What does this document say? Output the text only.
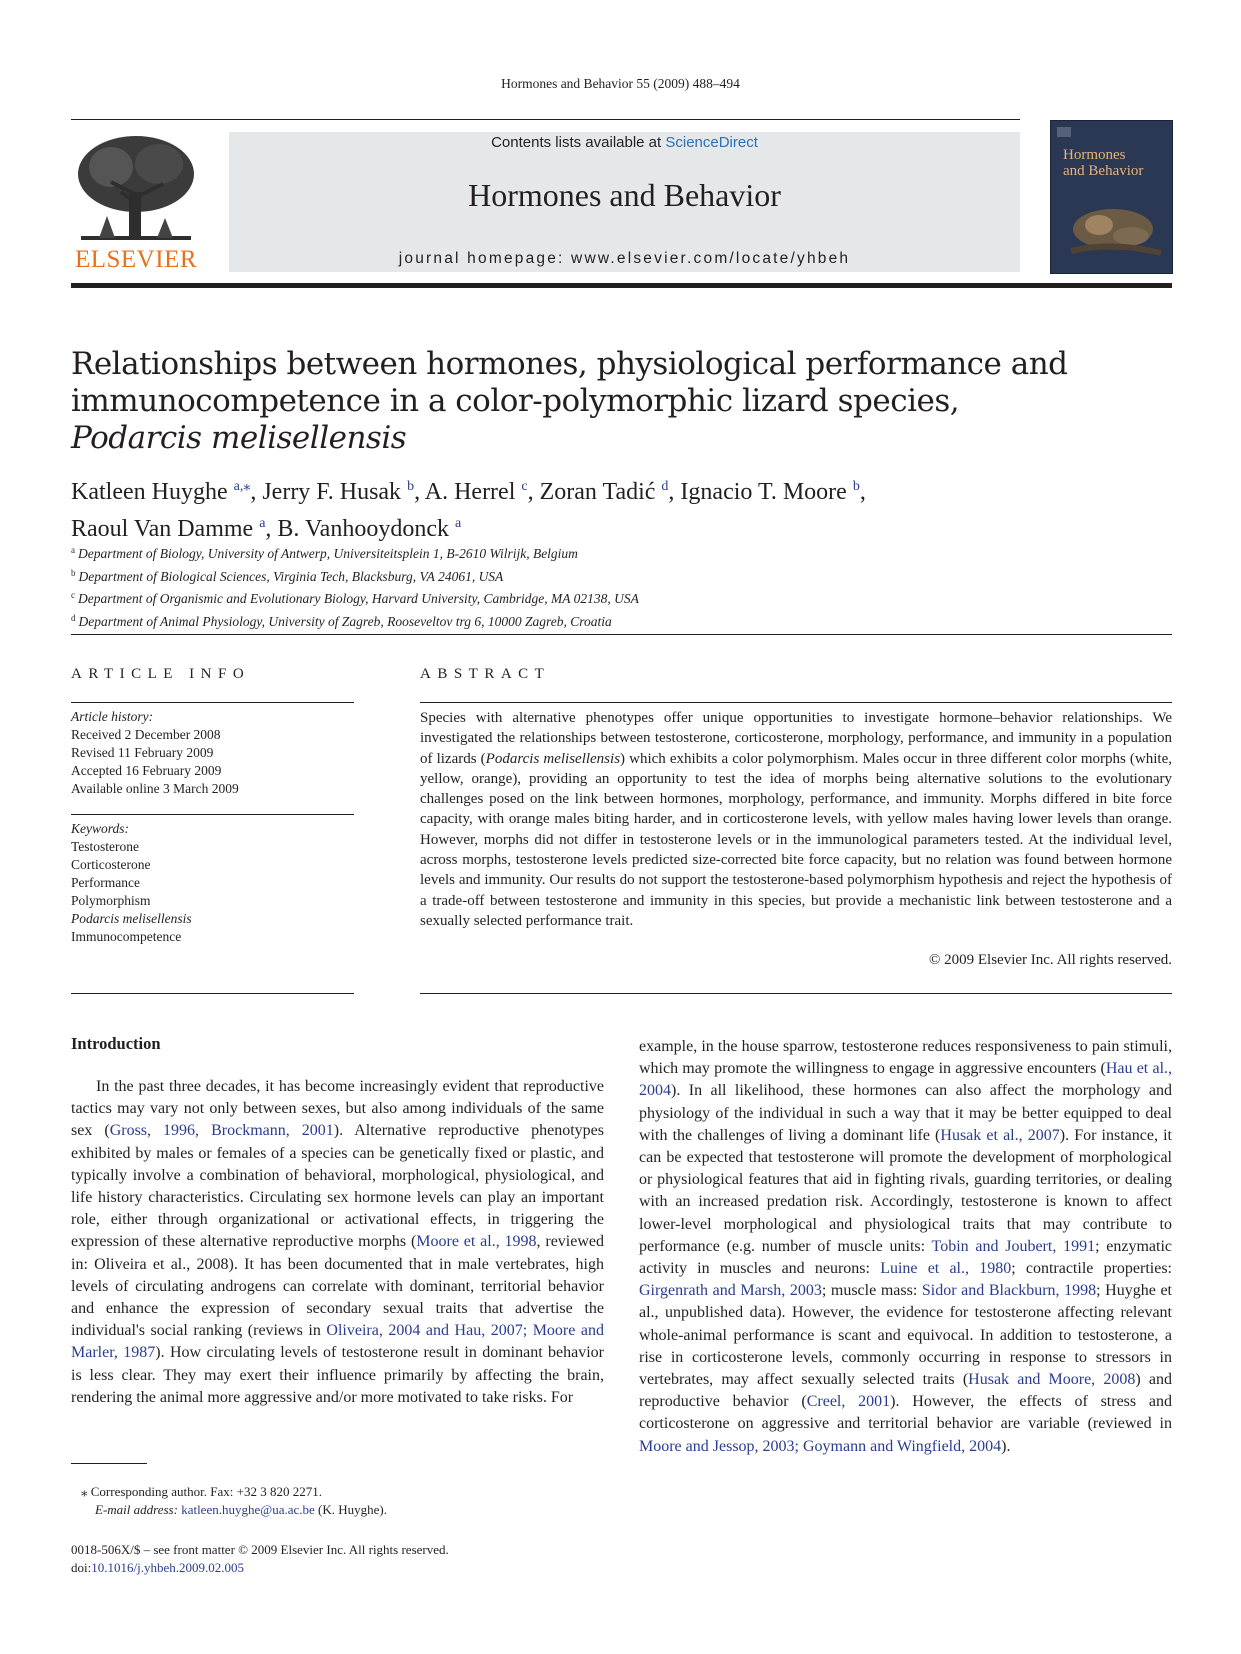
Hormones and Behavior 55 (2009) 488–494
ELSEVIER
Contents lists available at ScienceDirect
Hormones and Behavior
journal homepage: www.elsevier.com/locate/yhbeh
Hormones
and Behavior
Relationships between hormones, physiological performance and
immunocompetence in a color-polymorphic lizard species,
Podarcis melisellensis
Katleen Huyghe $^{a,⁎}$, Jerry F. Husak $^b$, A. Herrel $^c$, Zoran Tadić $^d$, Ignacio T. Moore $^b$,
Raoul Van Damme $^a$, B. Vanhooydonck $^a$
$^a$ Department of Biology, University of Antwerp, Universiteitsplein 1, B-2610 Wilrijk, Belgium
$^b$ Department of Biological Sciences, Virginia Tech, Blacksburg, VA 24061, USA
$^c$ Department of Organismic and Evolutionary Biology, Harvard University, Cambridge, MA 02138, USA
$^d$ Department of Animal Physiology, University of Zagreb, Rooseveltov trg 6, 10000 Zagreb, Croatia
ARTICLE INFO	ABSTRACT
Article history:
Received 2 December 2008
Revised 11 February 2009
Accepted 16 February 2009
Available online 3 March 2009
Keywords:
Testosterone
Corticosterone
Performance
Polymorphism
Podarcis melisellensis
Immunocompetence
Species with alternative phenotypes offer unique opportunities to investigate hormone–behavior relationships. We investigated the relationships between testosterone, corticosterone, morphology, performance, and immunity in a population of lizards (Podarcis melisellensis) which exhibits a color polymorphism. Males occur in three different color morphs (white, yellow, orange), providing an opportunity to test the idea of morphs being alternative solutions to the evolutionary challenges posed on the link between hormones, morphology, performance, and immunity. Morphs differed in bite force capacity, with orange males biting harder, and in corticosterone levels, with yellow males having lower levels than orange. However, morphs did not differ in testosterone levels or in the immunological parameters tested. At the individual level, across morphs, testosterone levels predicted size-corrected bite force capacity, but no relation was found between hormone levels and immunity. Our results do not support the testosterone-based polymorphism hypothesis and reject the hypothesis of a trade-off between testosterone and immunity in this species, but provide a mechanistic link between testosterone and a sexually selected performance trait.
© 2009 Elsevier Inc. All rights reserved.
Introduction
In the past three decades, it has become increasingly evident that reproductive tactics may vary not only between sexes, but also among individuals of the same sex (Gross, 1996, Brockmann, 2001). Alternative reproductive phenotypes exhibited by males or females of a species can be genetically fixed or plastic, and typically involve a combination of behavioral, morphological, physiological, and life history characteristics. Circulating sex hormone levels can play an important role, either through organizational or activational effects, in triggering the expression of these alternative reproductive morphs (Moore et al., 1998, reviewed in: Oliveira et al., 2008). It has been documented that in male vertebrates, high levels of circulating androgens can correlate with dominant, territorial behavior and enhance the expression of secondary sexual traits that advertise the individual's social ranking (reviews in Oliveira, 2004 and Hau, 2007; Moore and Marler, 1987). How circulating levels of testosterone result in dominant behavior is less clear. They may exert their influence primarily by affecting the brain, rendering the animal more aggressive and/or more motivated to take risks. For
example, in the house sparrow, testosterone reduces responsiveness to pain stimuli, which may promote the willingness to engage in aggressive encounters (Hau et al., 2004). In all likelihood, these hormones can also affect the morphology and physiology of the individual in such a way that it may be better equipped to deal with the challenges of living a dominant life (Husak et al., 2007). For instance, it can be expected that testosterone will promote the development of morphological or physiological features that aid in fighting rivals, guarding territories, or dealing with an increased predation risk. Accordingly, testosterone is known to affect lower-level morphological and physiological traits that may contribute to performance (e.g. number of muscle units: Tobin and Joubert, 1991; enzymatic activity in muscles and neurons: Luine et al., 1980; contractile properties: Girgenrath and Marsh, 2003; muscle mass: Sidor and Blackburn, 1998; Huyghe et al., unpublished data). However, the evidence for testosterone affecting relevant whole-animal performance is scant and equivocal. In addition to testosterone, a rise in corticosterone levels, commonly occurring in response to stressors in vertebrates, may affect sexually selected traits (Husak and Moore, 2008) and reproductive behavior (Creel, 2001). However, the effects of stress and corticosterone on aggressive and territorial behavior are variable (reviewed in Moore and Jessop, 2003; Goymann and Wingfield, 2004).
⁎ Corresponding author. Fax: +32 3 820 2271.
E-mail address: katleen.huyghe@ua.ac.be (K. Huyghe).
0018-506X/$ – see front matter © 2009 Elsevier Inc. All rights reserved.
doi:10.1016/j.yhbeh.2009.02.005
